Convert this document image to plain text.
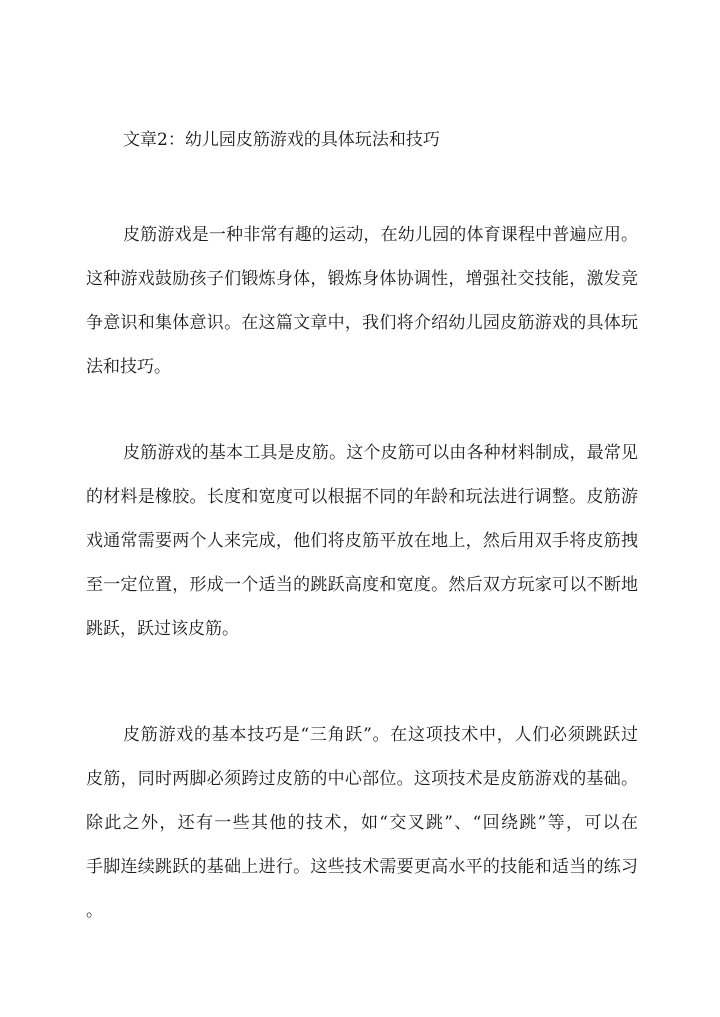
文章2：幼儿园皮筋游戏的具体玩法和技巧
皮筋游戏是一种非常有趣的运动，在幼儿园的体育课程中普遍应用。
这种游戏鼓励孩子们锻炼身体，锻炼身体协调性，增强社交技能，激发竞
争意识和集体意识。在这篇文章中，我们将介绍幼儿园皮筋游戏的具体玩
法和技巧。
皮筋游戏的基本工具是皮筋。这个皮筋可以由各种材料制成，最常见
的材料是橡胶。长度和宽度可以根据不同的年龄和玩法进行调整。皮筋游
戏通常需要两个人来完成，他们将皮筋平放在地上，然后用双手将皮筋拽
至一定位置，形成一个适当的跳跃高度和宽度。然后双方玩家可以不断地
跳跃，跃过该皮筋。
皮筋游戏的基本技巧是“三角跃”。在这项技术中，人们必须跳跃过
皮筋，同时两脚必须跨过皮筋的中心部位。这项技术是皮筋游戏的基础。
除此之外，还有一些其他的技术，如“交叉跳”、“回绕跳”等，可以在
手脚连续跳跃的基础上进行。这些技术需要更高水平的技能和适当的练习
。
